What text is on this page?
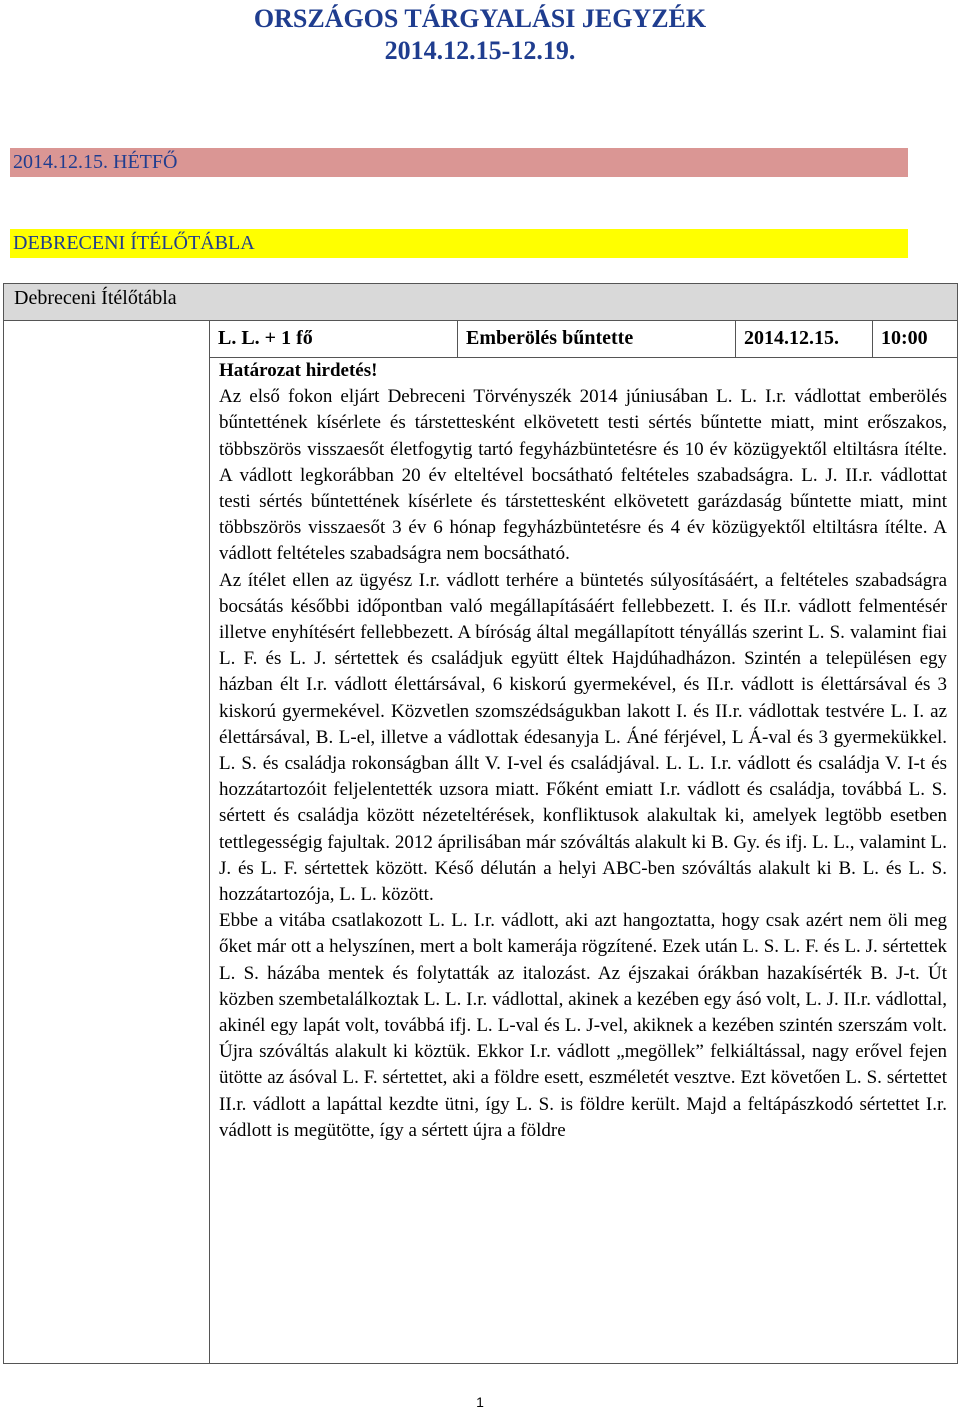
ORSZÁGOS TÁRGYALÁSI JEGYZÉK
2014.12.15-12.19.
2014.12.15. HÉTFŐ
DEBRECENI ÍTÉLŐTÁBLA
Debreceni Ítélőtábla
	L. L. + 1 fő	Emberölés bűntette	2014.12.15.	10:00

Határozat hirdetés!

Az első fokon eljárt Debreceni Törvényszék 2014 júniusában L. L. I.r. vádlottat emberölés bűntettének kísérlete és társtettesként elkövetett testi sértés bűntette miatt, mint erőszakos, többszörös visszaesőt életfogytig tartó fegyházbüntetésre és 10 év közügyektől eltiltásra ítélte. A vádlott legkorábban 20 év elteltével bocsátható feltételes szabadságra. L. J. II.r. vádlottat testi sértés bűntettének kísérlete és társtettesként elkövetett garázdaság bűntette miatt, mint többszörös visszaesőt 3 év 6 hónap fegyházbüntetésre és 4 év közügyektől eltiltásra ítélte. A vádlott feltételes szabadságra nem bocsátható.

Az ítélet ellen az ügyész I.r. vádlott terhére a büntetés súlyosításáért, a feltételes szabadságra bocsátás későbbi időpontban való megállapításáért fellebbezett. I. és II.r. vádlott felmentésér illetve enyhítésért fellebbezett. A bíróság által megállapított tényállás szerint L. S. valamint fiai L. F. és L. J. sértettek és családjuk együtt éltek Hajdúhadházon. Szintén a településen egy házban élt I.r. vádlott élettársával, 6 kiskorú gyermekével, és II.r. vádlott is élettársával és 3 kiskorú gyermekével. Közvetlen szomszédságukban lakott I. és II.r. vádlottak testvére L. I. az élettársával, B. L-el, illetve a vádlottak édesanyja L. Áné férjével, L Á-val és 3 gyermekükkel. L. S. és családja rokonságban állt V. I-vel és családjával. L. L. I.r. vádlott és családja V. I-t és hozzátartozóit feljelentették uzsora miatt. Főként emiatt I.r. vádlott és családja, továbbá L. S. sértett és családja között nézeteltérések, konfliktusok alakultak ki, amelyek legtöbb esetben tettlegességig fajultak. 2012 áprilisában már szóváltás alakult ki B. Gy. és ifj. L. L., valamint L. J. és L. F. sértettek között. Késő délután a helyi ABC-ben szóváltás alakult ki B. L. és L. S. hozzátartozója, L. L. között.

Ebbe a vitába csatlakozott L. L. I.r. vádlott, aki azt hangoztatta, hogy csak azért nem öli meg őket már ott a helyszínen, mert a bolt kamerája rögzítené. Ezek után L. S. L. F. és L. J. sértettek L. S. házába mentek és folytatták az italozást. Az éjszakai órákban hazakísérték B. J-t. Út közben szembetalálkoztak L. L. I.r. vádlottal, akinek a kezében egy ásó volt, L. J. II.r. vádlottal, akinél egy lapát volt, továbbá ifj. L. L-val és L. J-vel, akiknek a kezében szintén szerszám volt. Újra szóváltás alakult ki köztük. Ekkor I.r. vádlott „megöllek” felkiáltással, nagy erővel fejen ütötte az ásóval L. F. sértettet, aki a földre esett, eszméletét vesztve. Ezt követően L. S. sértettet II.r. vádlott a lapáttal kezdte ütni, így L. S. is földre került. Majd a feltápászkodó sértettet I.r. vádlott is megütötte, így a sértett újra a földre

1
